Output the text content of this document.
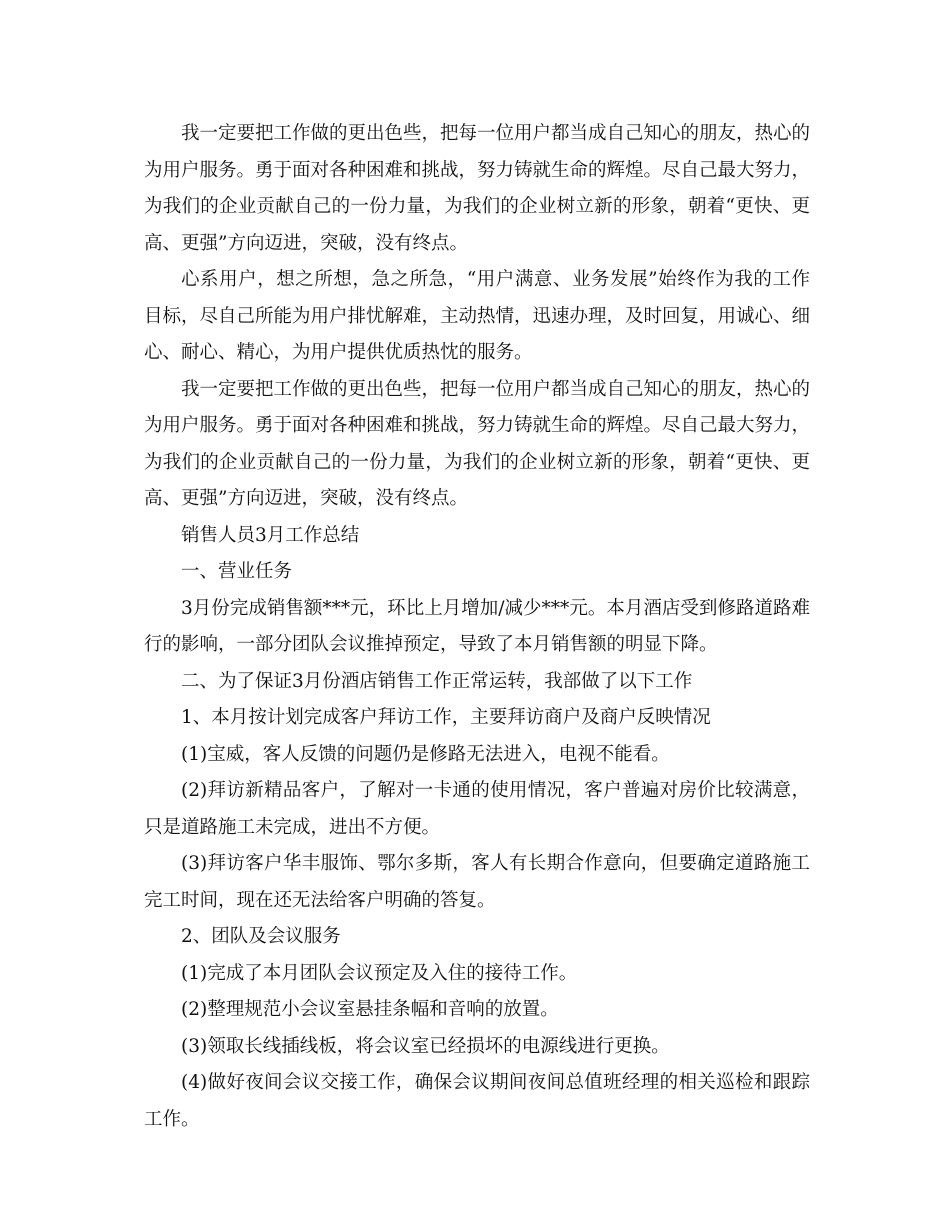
我一定要把工作做的更出色些，把每一位用户都当成自己知心的朋友，热心的为用户服务。勇于面对各种困难和挑战，努力铸就生命的辉煌。尽自己最大努力，为我们的企业贡献自己的一份力量，为我们的企业树立新的形象，朝着“更快、更高、更强”方向迈进，突破，没有终点。

心系用户，想之所想，急之所急，“用户满意、业务发展”始终作为我的工作目标，尽自己所能为用户排忧解难，主动热情，迅速办理，及时回复，用诚心、细心、耐心、精心，为用户提供优质热忱的服务。

我一定要把工作做的更出色些，把每一位用户都当成自己知心的朋友，热心的为用户服务。勇于面对各种困难和挑战，努力铸就生命的辉煌。尽自己最大努力，为我们的企业贡献自己的一份力量，为我们的企业树立新的形象，朝着“更快、更高、更强”方向迈进，突破，没有终点。

销售人员3月工作总结

一、营业任务

3月份完成销售额***元，环比上月增加/减少***元。本月酒店受到修路道路难行的影响，一部分团队会议推掉预定，导致了本月销售额的明显下降。

二、为了保证3月份酒店销售工作正常运转，我部做了以下工作

1、本月按计划完成客户拜访工作，主要拜访商户及商户反映情况

(1)宝威，客人反馈的问题仍是修路无法进入，电视不能看。

(2)拜访新精品客户，了解对一卡通的使用情况，客户普遍对房价比较满意，只是道路施工未完成，进出不方便。

(3)拜访客户华丰服饰、鄂尔多斯，客人有长期合作意向，但要确定道路施工完工时间，现在还无法给客户明确的答复。

2、团队及会议服务

(1)完成了本月团队会议预定及入住的接待工作。

(2)整理规范小会议室悬挂条幅和音响的放置。

(3)领取长线插线板，将会议室已经损坏的电源线进行更换。

(4)做好夜间会议交接工作，确保会议期间夜间总值班经理的相关巡检和跟踪工作。
